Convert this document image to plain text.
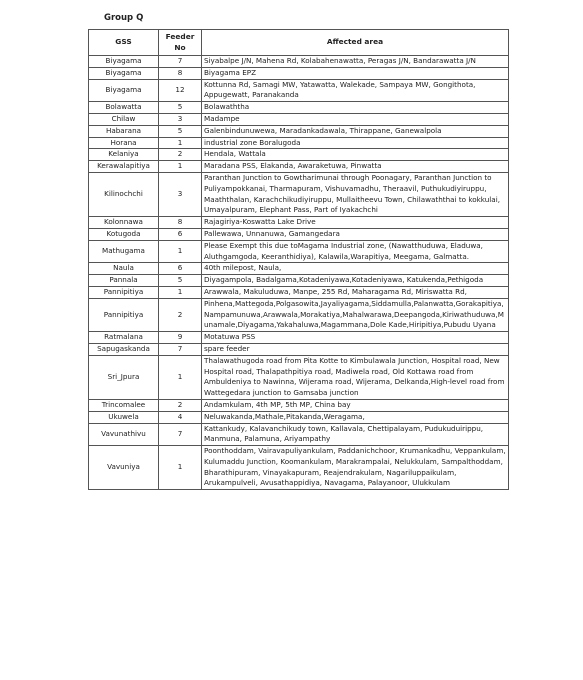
Group Q
GSS	Feeder No	Affected area
Biyagama	7	Siyabalpe J/N, Mahena Rd, Kolabahenawatta, Peragas J/N, Bandarawatta J/N
Biyagama	8	Biyagama EPZ
Biyagama	12	Kottunna Rd, Samagi MW, Yatawatta, Walekade, Sampaya MW, Gongithota, Appugewatt, Paranakanda
Bolawatta	5	Bolawaththa
Chilaw	3	Madampe
Habarana	5	Galenbindunuwewa, Maradankadawala, Thirappane, Ganewalpola
Horana	1	industrial zone Boralugoda
Kelaniya	2	Hendala, Wattala
Kerawalapitiya	1	Maradana PSS, Elakanda, Awaraketuwa, Pinwatta
Kilinochchi	3	Paranthan Junction to Gowtharimunai through Poonagary, Paranthan Junction to Puliyampokkanai, Tharmapuram, Vishuvamadhu, Theraavil, Puthukudiyiruppu, Maaththalan, Karachchikudiyiruppu, Mullaitheevu Town, Chilawaththai to kokkulai, Umayalpuram, Elephant Pass, Part of Iyakachchi
Kolonnawa	8	Rajagiriya-Koswatta Lake Drive
Kotugoda	6	Pallewawa, Unnanuwa, Gamangedara
Mathugama	1	Please Exempt this due toMagama Industrial zone, (Nawatthuduwa, Eladuwa, Aluthgamgoda, Keeranthidiya), Kalawila,Warapitiya, Meegama, Galmatta.
Naula	6	40th milepost, Naula,
Pannala	5	Diyagampola, Badalgama,Kotadeniyawa,Kotadeniyawa, Katukenda,Pethigoda
Pannipitiya	1	Arawwala, Makuluduwa, Manpe, 255 Rd, Maharagama Rd, Miriswatta Rd,
Pannipitiya	2	Pinhena,Mattegoda,Polgasowita,Jayaliyagama,Siddamulla,Palanwatta,Gorakapitiya,Nampamunuwa,Arawwala,Morakatiya,Mahalwarawa,Deepangoda,Kiriwathuduwa,Munamale,Diyagama,Yakahaluwa,Magammana,Dole Kade,Hiripitiya,Pubudu Uyana
Ratmalana	9	Motatuwa PSS
Sapugaskanda	7	spare feeder
Sri_Jpura	1	Thalawathugoda road from Pita Kotte to Kimbulawala Junction, Hospital road, New Hospital road, Thalapathpitiya road, Madiwela road, Old Kottawa road from Ambuldeniya to Nawinna, Wijerama road, Wijerama, Delkanda,High-level road from Wattegedara junction to Gamsaba junction
Trincomalee	2	Andamkulam, 4th MP, 5th MP, China bay
Ukuwela	4	Neluwakanda,Mathale,Pitakanda,Weragama,
Vavunathivu	7	Kattankudy, Kalavanchikudy town, Kallavala, Chettipalayam, Pudukuduirippu, Manmuna, Palamuna, Ariyampathy
Vavuniya	1	Poonthoddam, Vairavapuliyankulam, Paddanichchoor, Krumankadhu, Veppankulam, Kulumaddu Junction, Koomankulam, Marakrampalai, Nelukkulam, Sampalthoddam, Bharathipuram, Vinayakapuram, Reajendrakulam, Nagariluppaikulam, Arukampulveli, Avusathappidiya, Navagama, Palayanoor, Ulukkulam
